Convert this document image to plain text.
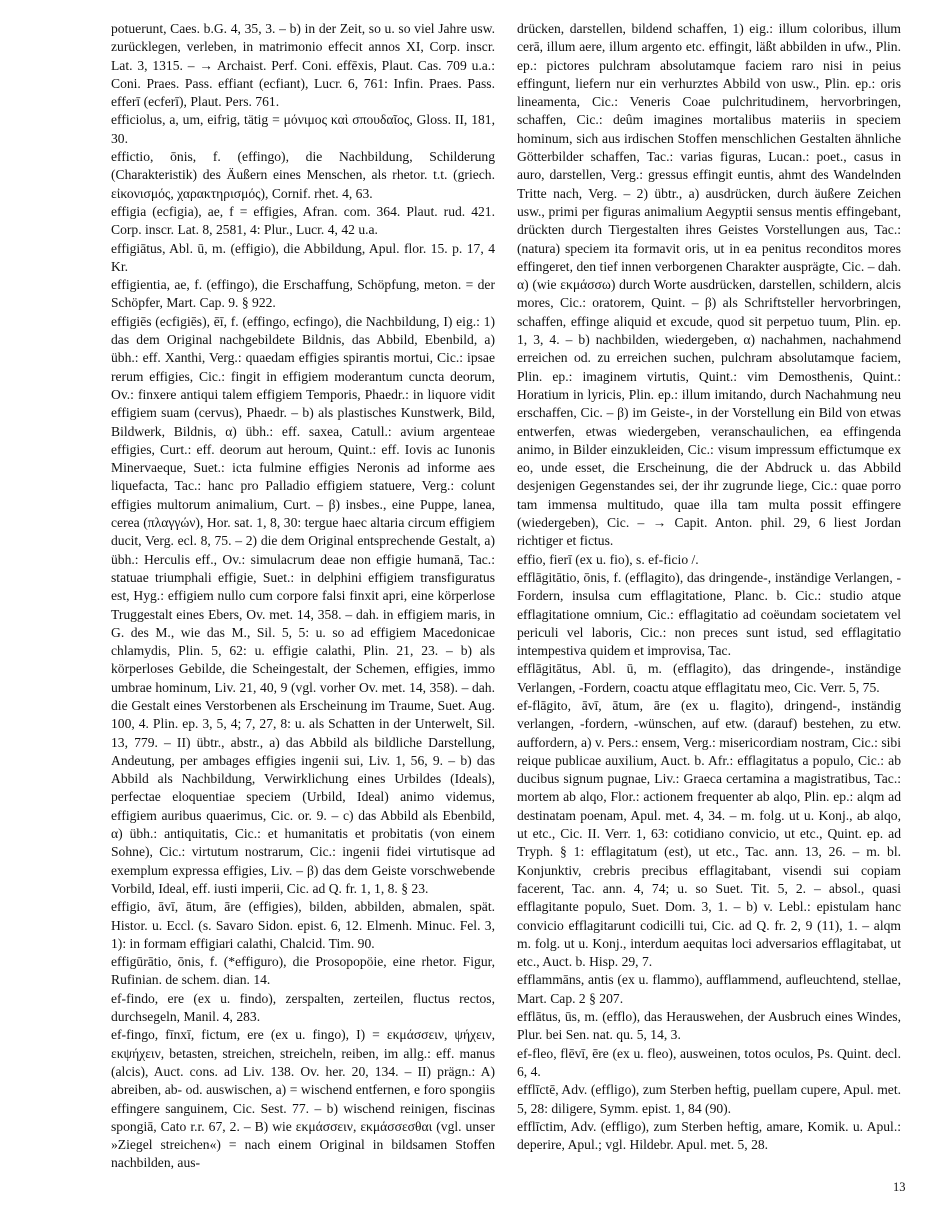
potuerunt, Caes. b.G. 4, 35, 3. – b) in der Zeit, so u. so viel Jahre usw. zurücklegen, verleben, in matrimonio effecit annos XI, Corp. inscr. Lat. 3, 1315. – → Archaist. Perf. Coni. effēxis, Plaut. Cas. 709 u.a.: Coni. Praes. Pass. effiant (ecfiant), Lucr. 6, 761: Infin. Praes. Pass. efferī (ecferī), Plaut. Pers. 761.

efficiolus, a, um, eifrig, tätig = μόνιμος καὶ σπουδαῖος, Gloss. II, 181, 30.

effictio, ōnis, f. (effingo), die Nachbildung, Schilderung (Charakteristik) des Äußern eines Menschen, als rhetor. t.t. (griech. εἰκονισμός, χαρακτηρισμός), Cornif. rhet. 4, 63.

effigia (ecfigia), ae, f = effigies, Afran. com. 364. Plaut. rud. 421. Corp. inscr. Lat. 8, 2581, 4: Plur., Lucr. 4, 42 u.a.

effigiātus, Abl. ū, m. (effigio), die Abbildung, Apul. flor. 15. p. 17, 4 Kr.

effigientia, ae, f. (effingo), die Erschaffung, Schöpfung, meton. = der Schöpfer, Mart. Cap. 9. § 922.

effigiēs (ecfigiēs), ēī, f. (effingo, ecfingo), die Nachbildung, I) eig.: 1) das dem Original nachgebildete Bildnis, das Abbild, Ebenbild, a) übh.: eff. Xanthi, Verg.: quaedam effigies spirantis mortui, Cic.: ipsae rerum effigies, Cic.: fingit in effigiem moderantum cuncta deorum, Ov.: finxere antiqui talem effigiem Temporis, Phaedr.: in liquore vidit effigiem suam (cervus), Phaedr. – b) als plastisches Kunstwerk, Bild, Bildwerk, Bildnis, α) übh.: eff. saxea, Catull.: avium argenteae effigies, Curt.: eff. deorum aut heroum, Quint.: eff. Iovis ac Iunonis Minervaeque, Suet.: icta fulmine effigies Neronis ad informe aes liquefacta, Tac.: hanc pro Palladio effigiem statuere, Verg.: colunt effigies multorum animalium, Curt. – β) insbes., eine Puppe, lanea, cerea (πλαγγών), Hor. sat. 1, 8, 30: tergue haec altaria circum effigiem ducit, Verg. ecl. 8, 75. – 2) die dem Original entsprechende Gestalt, a) übh.: Herculis eff., Ov.: simulacrum deae non effigie humanā, Tac.: statuae triumphali effigie, Suet.: in delphini effigiem transfiguratus est, Hyg.: effigiem nullo cum corpore falsi finxit apri, eine körperlose Truggestalt eines Ebers, Ov. met. 14, 358. – dah. in effigiem maris, in G. des M., wie das M., Sil. 5, 5: u. so ad effigiem Macedonicae chlamydis, Plin. 5, 62: u. effigie calathi, Plin. 21, 23. – b) als körperloses Gebilde, die Scheingestalt, der Schemen, effigies, immo umbrae hominum, Liv. 21, 40, 9 (vgl. vorher Ov. met. 14, 358). – dah. die Gestalt eines Verstorbenen als Erscheinung im Traume, Suet. Aug. 100, 4. Plin. ep. 3, 5, 4; 7, 27, 8: u. als Schatten in der Unterwelt, Sil. 13, 779. – II) übtr., abstr., a) das Abbild als bildliche Darstellung, Andeutung, per ambages effigies ingenii sui, Liv. 1, 56, 9. – b) das Abbild als Nachbildung, Verwirklichung eines Urbildes (Ideals), perfectae eloquentiae speciem (Urbild, Ideal) animo videmus, effigiem auribus quaerimus, Cic. or. 9. – c) das Abbild als Ebenbild, α) übh.: antiquitatis, Cic.: et humanitatis et probitatis (von einem Sohne), Cic.: virtutum nostrarum, Cic.: ingenii fidei virtutisque ad exemplum expressa effigies, Liv. – β) das dem Geiste vorschwebende Vorbild, Ideal, eff. iusti imperii, Cic. ad Q. fr. 1, 1, 8. § 23.

effigio, āvī, ātum, āre (effigies), bilden, abbilden, abmalen, spät. Histor. u. Eccl. (s. Savaro Sidon. epist. 6, 12. Elmenh. Minuc. Fel. 3, 1): in formam effigiari calathi, Chalcid. Tim. 90.

effigūrātio, ōnis, f. (*effiguro), die Prosopopöie, eine rhetor. Figur, Rufinian. de schem. dian. 14.

ef-findo, ere (ex u. findo), zerspalten, zerteilen, fluctus rectos, durchsegeln, Manil. 4, 283.

ef-fingo, fīnxī, fictum, ere (ex u. fingo), I) = εκμάσσειν, ψήχειν, εκψήχειν, betasten, streichen, streicheln, reiben, im allg.: eff. manus (alcis), Auct. cons. ad Liv. 138. Ov. her. 20, 134. – II) prägn.: A) abreiben, ab- od. auswischen, a) = wischend entfernen, e foro spongiis effingere sanguinem, Cic. Sest. 77. – b) wischend reinigen, fiscinas spongiā, Cato r.r. 67, 2. – B) wie εκμάσσειν, εκμάσσεσθαι (vgl. unser »Ziegel streichen«) = nach einem Original in bildsamen Stoffen nachbilden, aus-

drücken, darstellen, bildend schaffen, 1) eig.: illum coloribus, illum cerā, illum aere, illum argento etc. effingit, läßt abbilden in ufw., Plin. ep.: pictores pulchram absolutamque faciem raro nisi in peius effingunt, liefern nur ein verhurztes Abbild von usw., Plin. ep.: oris lineamenta, Cic.: Veneris Coae pulchritudinem, hervorbringen, schaffen, Cic.: deûm imagines mortalibus materiis in speciem hominum, sich aus irdischen Stoffen menschlichen Gestalten ähnliche Götterbilder schaffen, Tac.: varias figuras, Lucan.: poet., casus in auro, darstellen, Verg.: gressus effingit euntis, ahmt des Wandelnden Tritte nach, Verg. – 2) übtr., a) ausdrücken, durch äußere Zeichen usw., primi per figuras animalium Aegyptii sensus mentis effingebant, drückten durch Tiergestalten ihres Geistes Vorstellungen aus, Tac.: (natura) speciem ita formavit oris, ut in ea penitus reconditos mores effingeret, den tief innen verborgenen Charakter ausprägte, Cic. – dah. α) (wie εκμάσσω) durch Worte ausdrücken, darstellen, schildern, alcis mores, Cic.: oratorem, Quint. – β) als Schriftsteller hervorbringen, schaffen, effinge aliquid et excude, quod sit perpetuo tuum, Plin. ep. 1, 3, 4. – b) nachbilden, wiedergeben, α) nachahmen, nachahmend erreichen od. zu erreichen suchen, pulchram absolutamque faciem, Plin. ep.: imaginem virtutis, Quint.: vim Demosthenis, Quint.: Horatium in lyricis, Plin. ep.: illum imitando, durch Nachahmung neu erschaffen, Cic. – β) im Geiste-, in der Vorstellung ein Bild von etwas entwerfen, etwas wiedergeben, veranschaulichen, ea effingenda animo, in Bilder einzukleiden, Cic.: visum impressum effictumque ex eo, unde esset, die Erscheinung, die der Abdruck u. das Abbild desjenigen Gegenstandes sei, der ihr zugrunde liege, Cic.: quae porro tam immensa multitudo, quae illa tam multa possit effingere (wiedergeben), Cic. – → Capit. Anton. phil. 29, 6 liest Jordan richtiger et fictus.

effio, fierī (ex u. fio), s. ef-ficio /.

efflāgitātio, ōnis, f. (efflagito), das dringende-, inständige Verlangen, -Fordern, insulsa cum efflagitatione, Planc. b. Cic.: studio atque efflagitatione omnium, Cic.: efflagitatio ad coëundam societatem vel periculi vel laboris, Cic.: non preces sunt istud, sed efflagitatio intempestiva quidem et improvisa, Tac.

efflāgitātus, Abl. ū, m. (efflagito), das dringende-, inständige Verlangen, -Fordern, coactu atque efflagitatu meo, Cic. Verr. 5, 75.

ef-flāgito, āvī, ātum, āre (ex u. flagito), dringend-, inständig verlangen, -fordern, -wünschen, auf etw. (darauf) bestehen, zu etw. auffordern, a) v. Pers.: ensem, Verg.: misericordiam nostram, Cic.: sibi reique publicae auxilium, Auct. b. Afr.: efflagitatus a populo, Cic.: ab ducibus signum pugnae, Liv.: Graeca certamina a magistratibus, Tac.: mortem ab alqo, Flor.: actionem frequenter ab alqo, Plin. ep.: alqm ad destinatam poenam, Apul. met. 4, 34. – m. folg. ut u. Konj., ab alqo, ut etc., Cic. II. Verr. 1, 63: cotidiano convicio, ut etc., Quint. ep. ad Tryph. § 1: efflagitatum (est), ut etc., Tac. ann. 13, 26. – m. bl. Konjunktiv, crebris precibus efflagitabant, visendi sui copiam facerent, Tac. ann. 4, 74; u. so Suet. Tit. 5, 2. – absol., quasi efflagitante populo, Suet. Dom. 3, 1. – b) v. Lebl.: epistulam hanc convicio efflagitarunt codicilli tui, Cic. ad Q. fr. 2, 9 (11), 1. – alqm m. folg. ut u. Konj., interdum aequitas loci adversarios efflagitabat, ut etc., Auct. b. Hisp. 29, 7.

efflammāns, antis (ex u. flammo), aufflammend, aufleuchtend, stellae, Mart. Cap. 2 § 207.

efflātus, ūs, m. (efflo), das Herauswehen, der Ausbruch eines Windes, Plur. bei Sen. nat. qu. 5, 14, 3.

ef-fleo, flēvī, ēre (ex u. fleo), ausweinen, totos oculos, Ps. Quint. decl. 6, 4.

efflīctē, Adv. (effligo), zum Sterben heftig, puellam cupere, Apul. met. 5, 28: diligere, Symm. epist. 1, 84 (90).

efflīctim, Adv. (effligo), zum Sterben heftig, amare, Komik. u. Apul.: deperire, Apul.; vgl. Hildebr. Apul. met. 5, 28.

13
